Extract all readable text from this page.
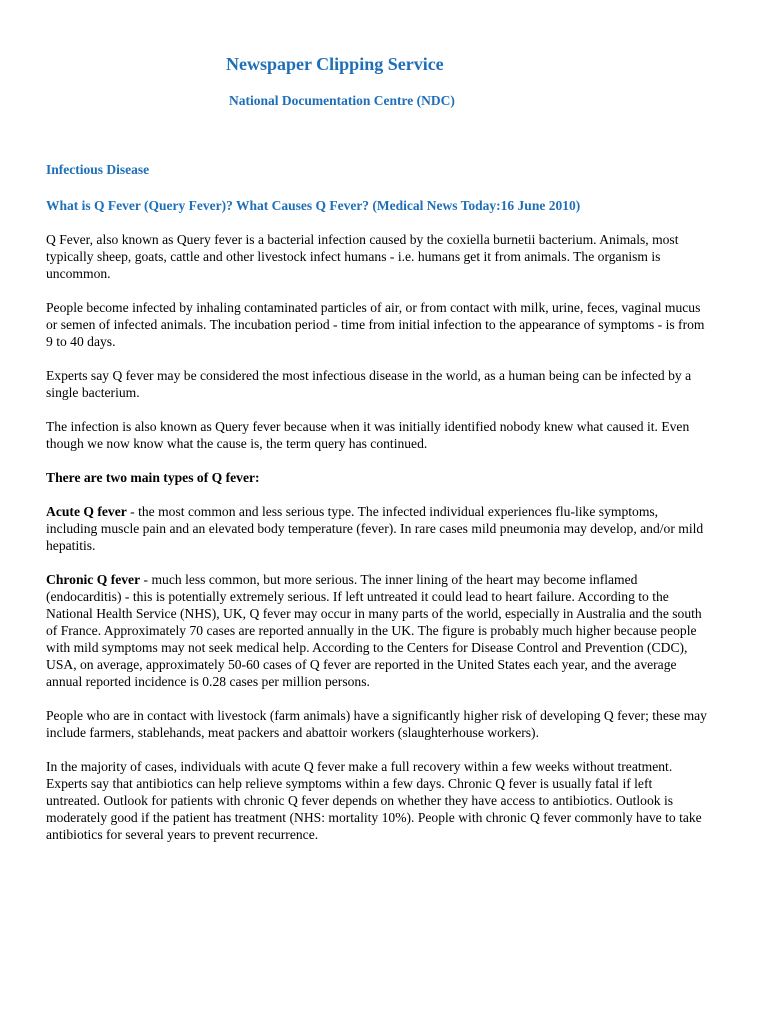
Newspaper Clipping Service
National Documentation Centre (NDC)
Infectious Disease
What is Q Fever (Query Fever)? What Causes Q Fever? (Medical News Today:16 June 2010)

Q Fever, also known as Query fever is a bacterial infection caused by the coxiella burnetii bacterium. Animals, most typically sheep, goats, cattle and other livestock infect humans - i.e. humans get it from animals. The organism is uncommon.

People become infected by inhaling contaminated particles of air, or from contact with milk, urine, feces, vaginal mucus or semen of infected animals. The incubation period - time from initial infection to the appearance of symptoms - is from 9 to 40 days.

Experts say Q fever may be considered the most infectious disease in the world, as a human being can be infected by a single bacterium.

The infection is also known as Query fever because when it was initially identified nobody knew what caused it. Even though we now know what the cause is, the term query has continued.

There are two main types of Q fever:

Acute Q fever - the most common and less serious type. The infected individual experiences flu-like symptoms, including muscle pain and an elevated body temperature (fever). In rare cases mild pneumonia may develop, and/or mild hepatitis.

Chronic Q fever - much less common, but more serious. The inner lining of the heart may become inflamed (endocarditis) - this is potentially extremely serious. If left untreated it could lead to heart failure. According to the National Health Service (NHS), UK, Q fever may occur in many parts of the world, especially in Australia and the south of France. Approximately 70 cases are reported annually in the UK. The figure is probably much higher because people with mild symptoms may not seek medical help. According to the Centers for Disease Control and Prevention (CDC), USA, on average, approximately 50-60 cases of Q fever are reported in the United States each year, and the average annual reported incidence is 0.28 cases per million persons.

People who are in contact with livestock (farm animals) have a significantly higher risk of developing Q fever; these may include farmers, stablehands, meat packers and abattoir workers (slaughterhouse workers).

In the majority of cases, individuals with acute Q fever make a full recovery within a few weeks without treatment. Experts say that antibiotics can help relieve symptoms within a few days. Chronic Q fever is usually fatal if left untreated. Outlook for patients with chronic Q fever depends on whether they have access to antibiotics. Outlook is moderately good if the patient has treatment (NHS: mortality 10%). People with chronic Q fever commonly have to take antibiotics for several years to prevent recurrence.
